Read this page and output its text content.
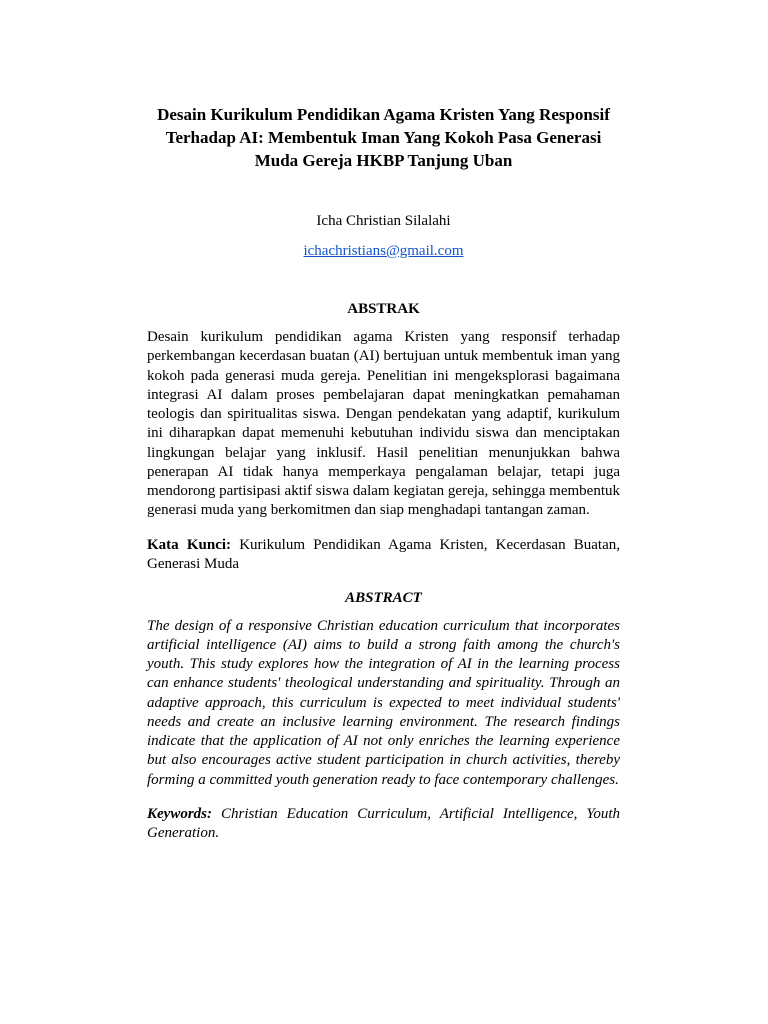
Desain Kurikulum Pendidikan Agama Kristen Yang Responsif Terhadap AI: Membentuk Iman Yang Kokoh Pasa Generasi Muda Gereja HKBP Tanjung Uban
Icha Christian Silalahi
ichachristians@gmail.com
ABSTRAK

Desain kurikulum pendidikan agama Kristen yang responsif terhadap perkembangan kecerdasan buatan (AI) bertujuan untuk membentuk iman yang kokoh pada generasi muda gereja. Penelitian ini mengeksplorasi bagaimana integrasi AI dalam proses pembelajaran dapat meningkatkan pemahaman teologis dan spiritualitas siswa. Dengan pendekatan yang adaptif, kurikulum ini diharapkan dapat memenuhi kebutuhan individu siswa dan menciptakan lingkungan belajar yang inklusif. Hasil penelitian menunjukkan bahwa penerapan AI tidak hanya memperkaya pengalaman belajar, tetapi juga mendorong partisipasi aktif siswa dalam kegiatan gereja, sehingga membentuk generasi muda yang berkomitmen dan siap menghadapi tantangan zaman.

Kata Kunci: Kurikulum Pendidikan Agama Kristen, Kecerdasan Buatan, Generasi Muda

ABSTRACT

The design of a responsive Christian education curriculum that incorporates artificial intelligence (AI) aims to build a strong faith among the church's youth. This study explores how the integration of AI in the learning process can enhance students' theological understanding and spirituality. Through an adaptive approach, this curriculum is expected to meet individual students' needs and create an inclusive learning environment. The research findings indicate that the application of AI not only enriches the learning experience but also encourages active student participation in church activities, thereby forming a committed youth generation ready to face contemporary challenges.

Keywords: Christian Education Curriculum, Artificial Intelligence, Youth Generation.
